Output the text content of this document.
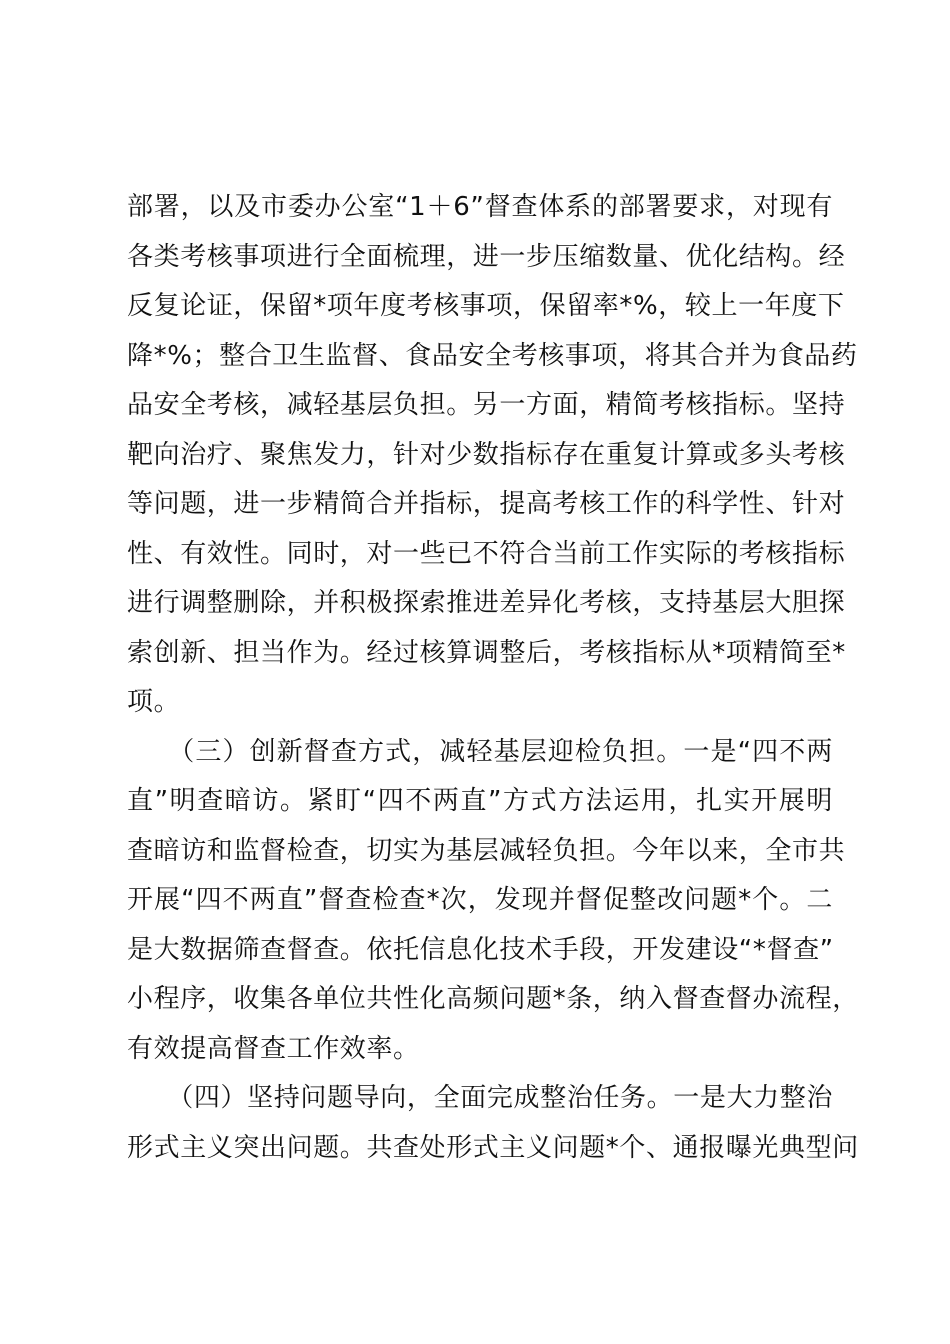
部署，以及市委办公室“1＋6”督查体系的部署要求，对现有
各类考核事项进行全面梳理，进一步压缩数量、优化结构。经
反复论证，保留*项年度考核事项，保留率*%，较上一年度下
降*%；整合卫生监督、食品安全考核事项，将其合并为食品药
品安全考核，减轻基层负担。另一方面，精简考核指标。坚持
靶向治疗、聚焦发力，针对少数指标存在重复计算或多头考核
等问题，进一步精简合并指标，提高考核工作的科学性、针对
性、有效性。同时，对一些已不符合当前工作实际的考核指标
进行调整删除，并积极探索推进差异化考核，支持基层大胆探
索创新、担当作为。经过核算调整后，考核指标从*项精简至*
项。
　　（三）创新督查方式，减轻基层迎检负担。一是“四不两
直”明查暗访。紧盯“四不两直”方式方法运用，扎实开展明
查暗访和监督检查，切实为基层减轻负担。今年以来，全市共
开展“四不两直”督查检查*次，发现并督促整改问题*个。二
是大数据筛查督查。依托信息化技术手段，开发建设“*督查”
小程序，收集各单位共性化高频问题*条，纳入督查督办流程，
有效提高督查工作效率。
　　（四）坚持问题导向，全面完成整治任务。一是大力整治
形式主义突出问题。共查处形式主义问题*个、通报曝光典型问
